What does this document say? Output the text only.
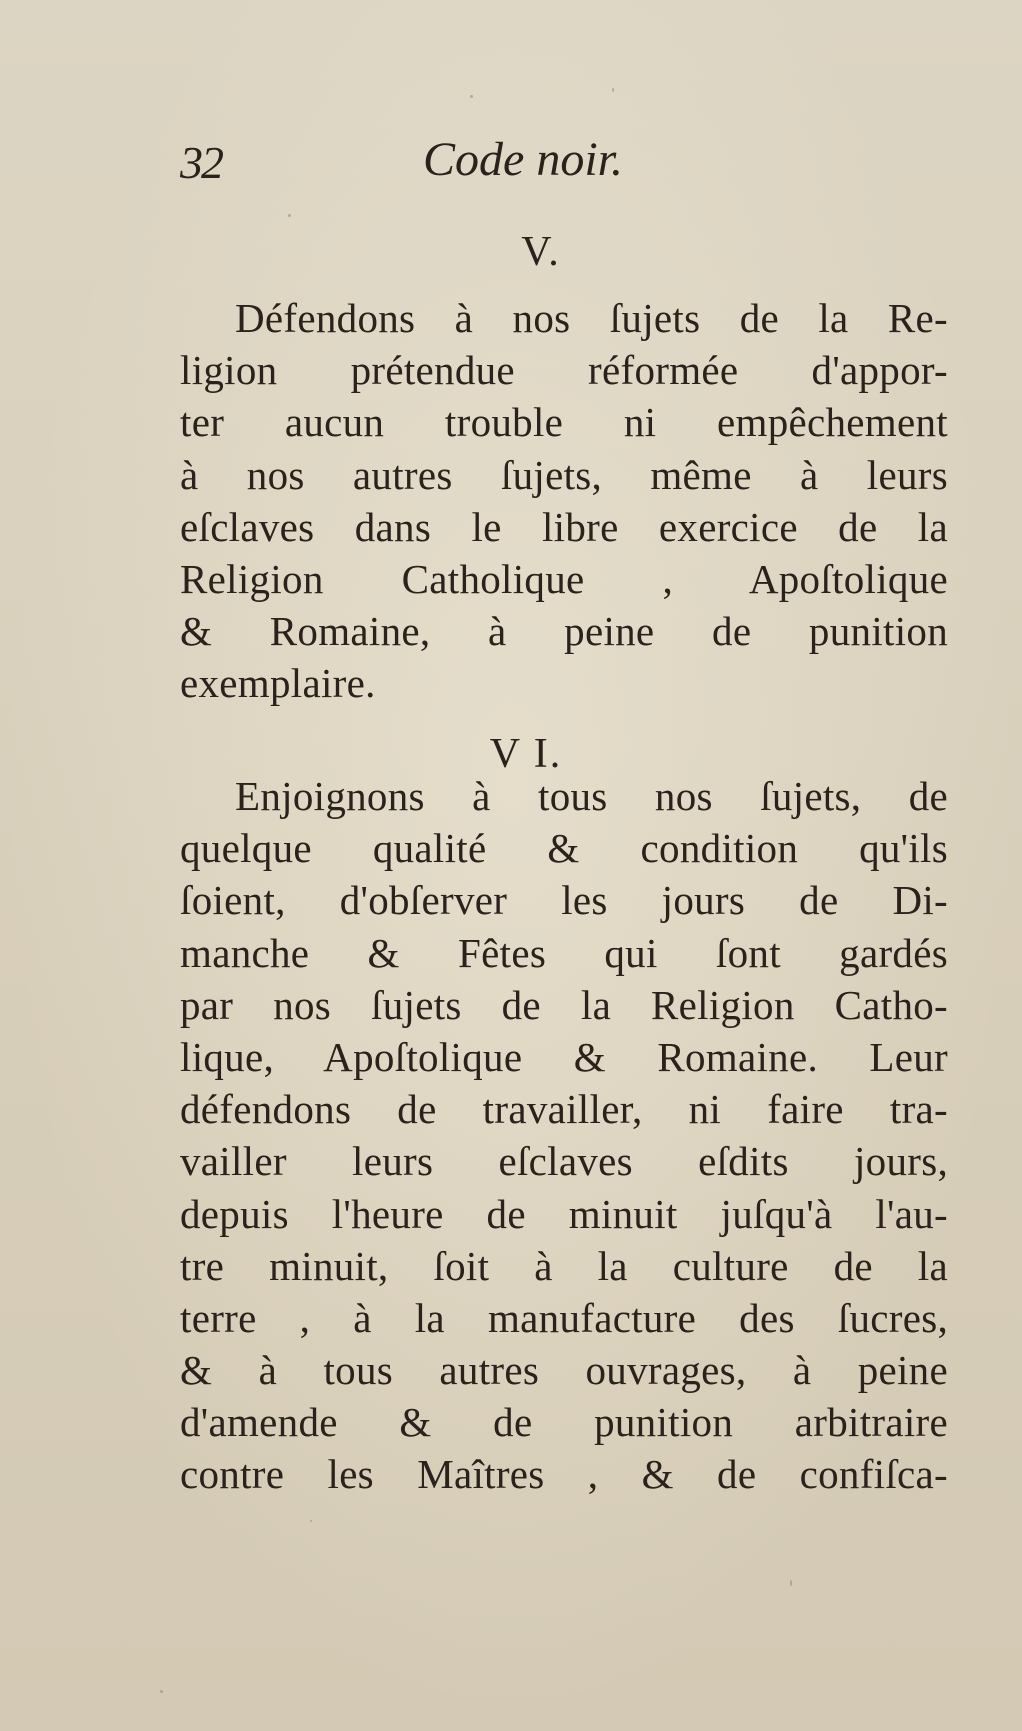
32	Code noir.
V.
Défendons à nos ſujets de la Re-
ligion prétendue réformée d'appor-
ter aucun trouble ni empêchement
à nos autres ſujets, même à leurs
eſclaves dans le libre exercice de la
Religion Catholique , Apoſtolique
& Romaine, à peine de punition
exemplaire.
V I.
Enjoignons à tous nos ſujets, de
quelque qualité & condition qu'ils
ſoient, d'obſerver les jours de Di-
manche & Fêtes qui ſont gardés
par nos ſujets de la Religion Catho-
lique, Apoſtolique & Romaine. Leur
défendons de travailler, ni faire tra-
vailler leurs eſclaves eſdits jours,
depuis l'heure de minuit juſqu'à l'au-
tre minuit, ſoit à la culture de la
terre , à la manufacture des ſucres,
& à tous autres ouvrages, à peine
d'amende & de punition arbitraire
contre les Maîtres , & de confiſca-
